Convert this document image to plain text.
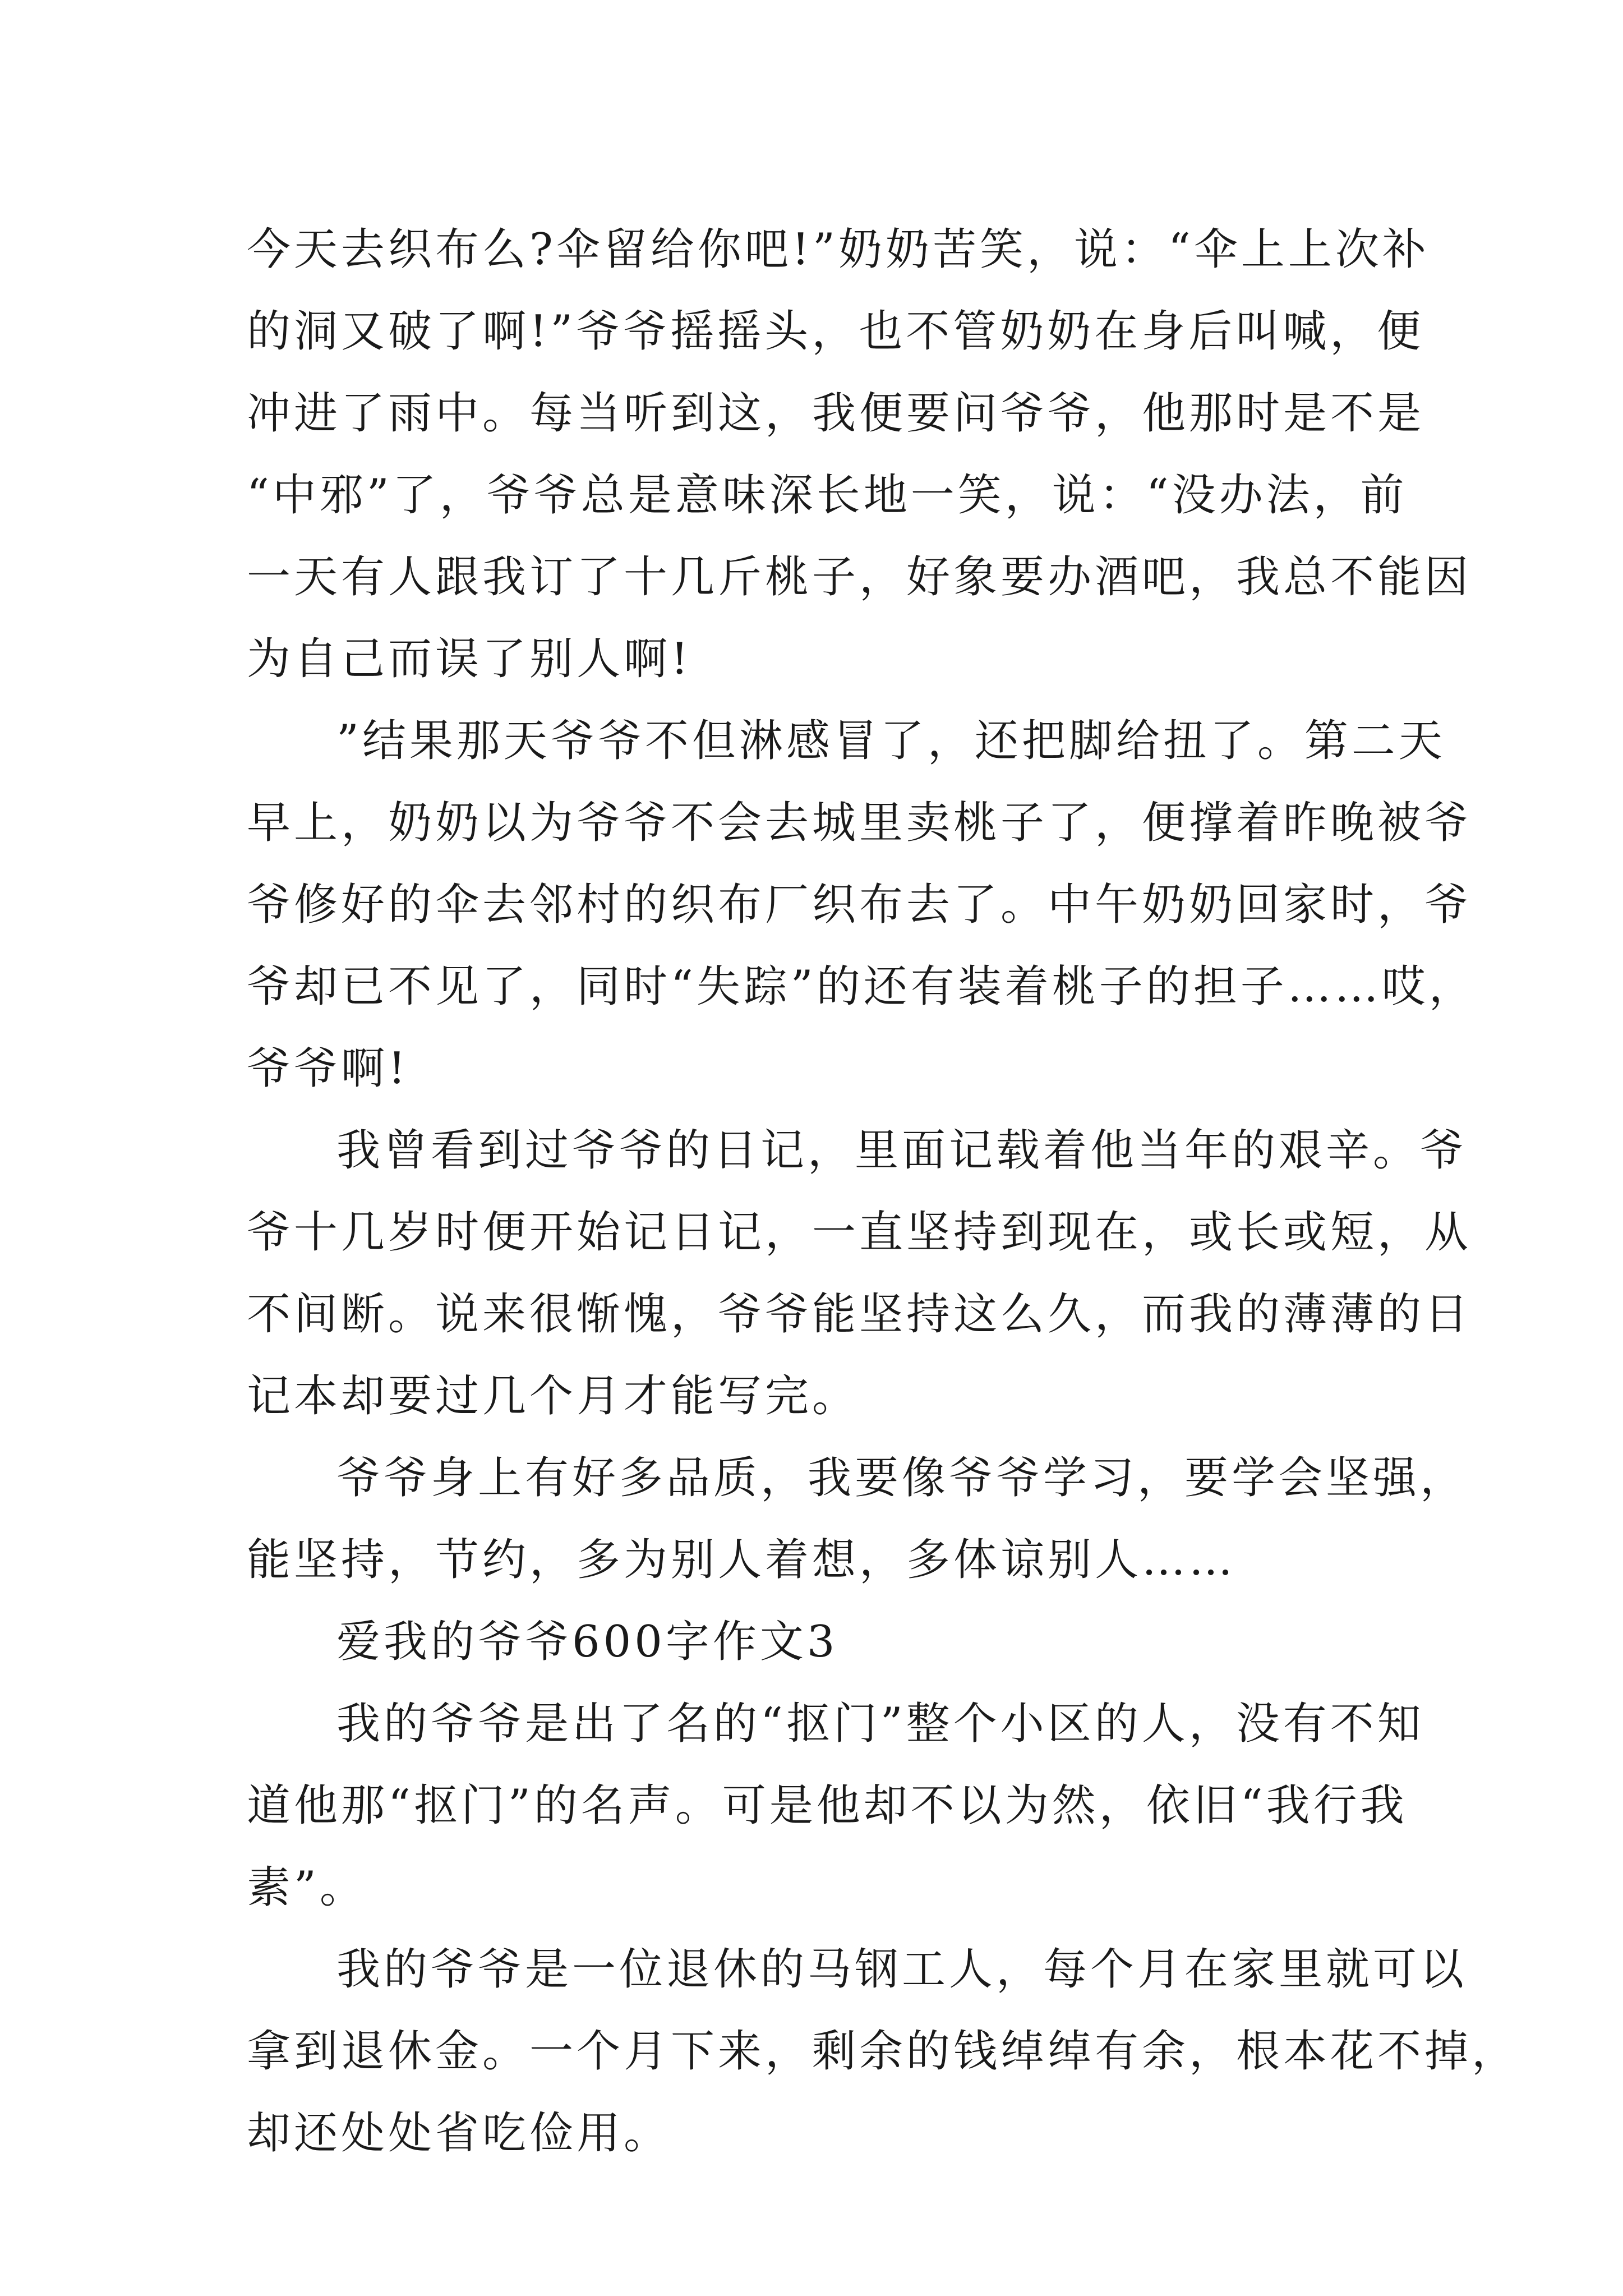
今天去织布么?伞留给你吧!”奶奶苦笑，说：“伞上上次补
的洞又破了啊!”爷爷摇摇头，也不管奶奶在身后叫喊，便
冲进了雨中。每当听到这，我便要问爷爷，他那时是不是
“中邪”了，爷爷总是意味深长地一笑，说：“没办法，前
一天有人跟我订了十几斤桃子，好象要办酒吧，我总不能因
为自己而误了别人啊!
”结果那天爷爷不但淋感冒了，还把脚给扭了。第二天
早上，奶奶以为爷爷不会去城里卖桃子了，便撑着昨晚被爷
爷修好的伞去邻村的织布厂织布去了。中午奶奶回家时，爷
爷却已不见了，同时“失踪”的还有装着桃子的担子……哎，
爷爷啊!
我曾看到过爷爷的日记，里面记载着他当年的艰辛。爷
爷十几岁时便开始记日记，一直坚持到现在，或长或短，从
不间断。说来很惭愧，爷爷能坚持这么久，而我的薄薄的日
记本却要过几个月才能写完。
爷爷身上有好多品质，我要像爷爷学习，要学会坚强，
能坚持，节约，多为别人着想，多体谅别人……
爱我的爷爷600字作文3
我的爷爷是出了名的“抠门”整个小区的人，没有不知
道他那“抠门”的名声。可是他却不以为然，依旧“我行我
素”。
我的爷爷是一位退休的马钢工人，每个月在家里就可以
拿到退休金。一个月下来，剩余的钱绰绰有余，根本花不掉，
却还处处省吃俭用。
